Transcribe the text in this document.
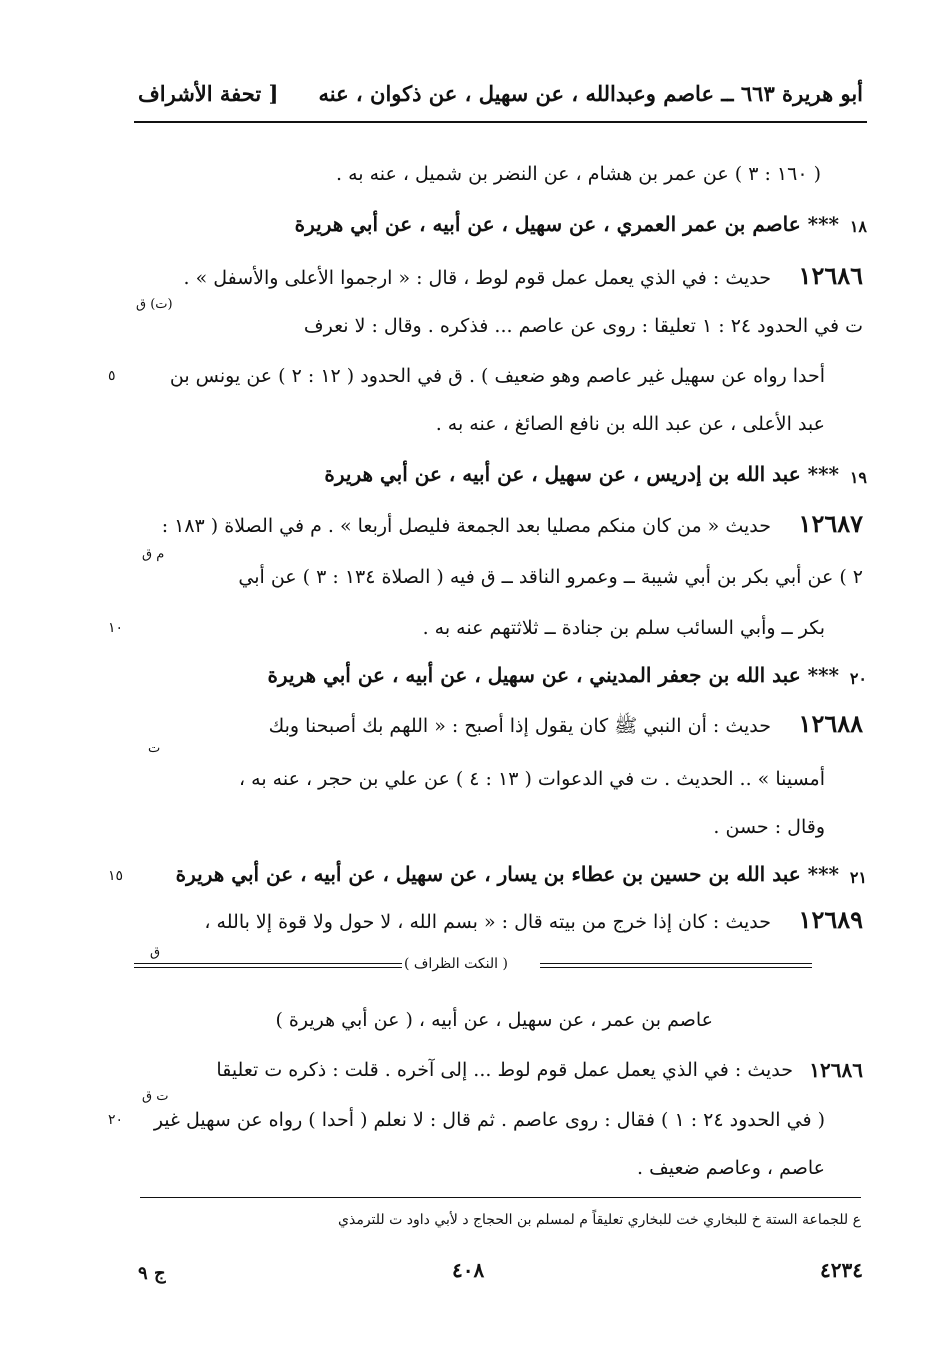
أبو هريرة ٦٦٣ ــ عاصم وعبدالله ، عن سهيل ، عن ذكوان ، عنه
[ تحفة الأشراف
( ١٦٠ : ٣ ) عن عمر بن هشام ، عن النضر بن شميل ، عنه به .
١٨
*** عاصم بن عمر العمري ، عن سهيل ، عن أبيه ، عن أبي هريرة
١٢٦٨٦
حديث : في الذي يعمل عمل قوم لوط ، قال : « ارجموا الأعلى والأسفل » .
(ت) ق
ت في الحدود ٢٤ : ١ تعليقا : روى عن عاصم ... فذكره . وقال : لا نعرف
أحدا رواه عن سهيل غير عاصم وهو ضعيف ) . ق في الحدود ( ١٢ : ٢ ) عن يونس بن
٥
عبد الأعلى ، عن عبد الله بن نافع الصائغ ، عنه به .
١٩
*** عبد الله بن إدريس ، عن سهيل ، عن أبيه ، عن أبي هريرة
١٢٦٨٧
حديث « من كان منكم مصليا بعد الجمعة فليصل أربعا » . م في الصلاة ( ١٨٣ :
م ق
٢ ) عن أبي بكر بن أبي شيبة ــ وعمرو الناقد ــ ق فيه ( الصلاة ١٣٤ : ٣ ) عن أبي
بكر ــ وأبي السائب سلم بن جنادة ــ ثلاثتهم عنه به .
١٠
٢٠
*** عبد الله بن جعفر المديني ، عن سهيل ، عن أبيه ، عن أبي هريرة
١٢٦٨٨
حديث : أن النبي ﷺ كان يقول إذا أصبح : « اللهم بك أصبحنا وبك
ت
أمسينا » .. الحديث . ت في الدعوات ( ١٣ : ٤ ) عن علي بن حجر ، عنه به ،
وقال : حسن .
٢١
*** عبد الله بن حسين بن عطاء بن يسار ، عن سهيل ، عن أبيه ، عن أبي هريرة
١٥
١٢٦٨٩
حديث : كان إذا خرج من بيته قال : « بسم الله ، لا حول ولا قوة إلا بالله ،
ق
( النكت الظراف )
عاصم بن عمر ، عن سهيل ، عن أبيه ، ( عن أبي هريرة )
١٢٦٨٦
حديث : في الذي يعمل عمل قوم لوط ... إلى آخره . قلت : ذكره ت تعليقا
ت ق
( في الحدود ٢٤ : ١ ) فقال : روى عاصم . ثم قال : لا نعلم ( أحدا ) رواه عن سهيل غير
٢٠
عاصم ، وعاصم ضعيف .
ع للجماعة الستة خ للبخاري خت للبخاري تعليقاً م لمسلم بن الحجاج د لأبي داود ت للترمذي
٤٢٣٤
٤٠٨
ج ٩
